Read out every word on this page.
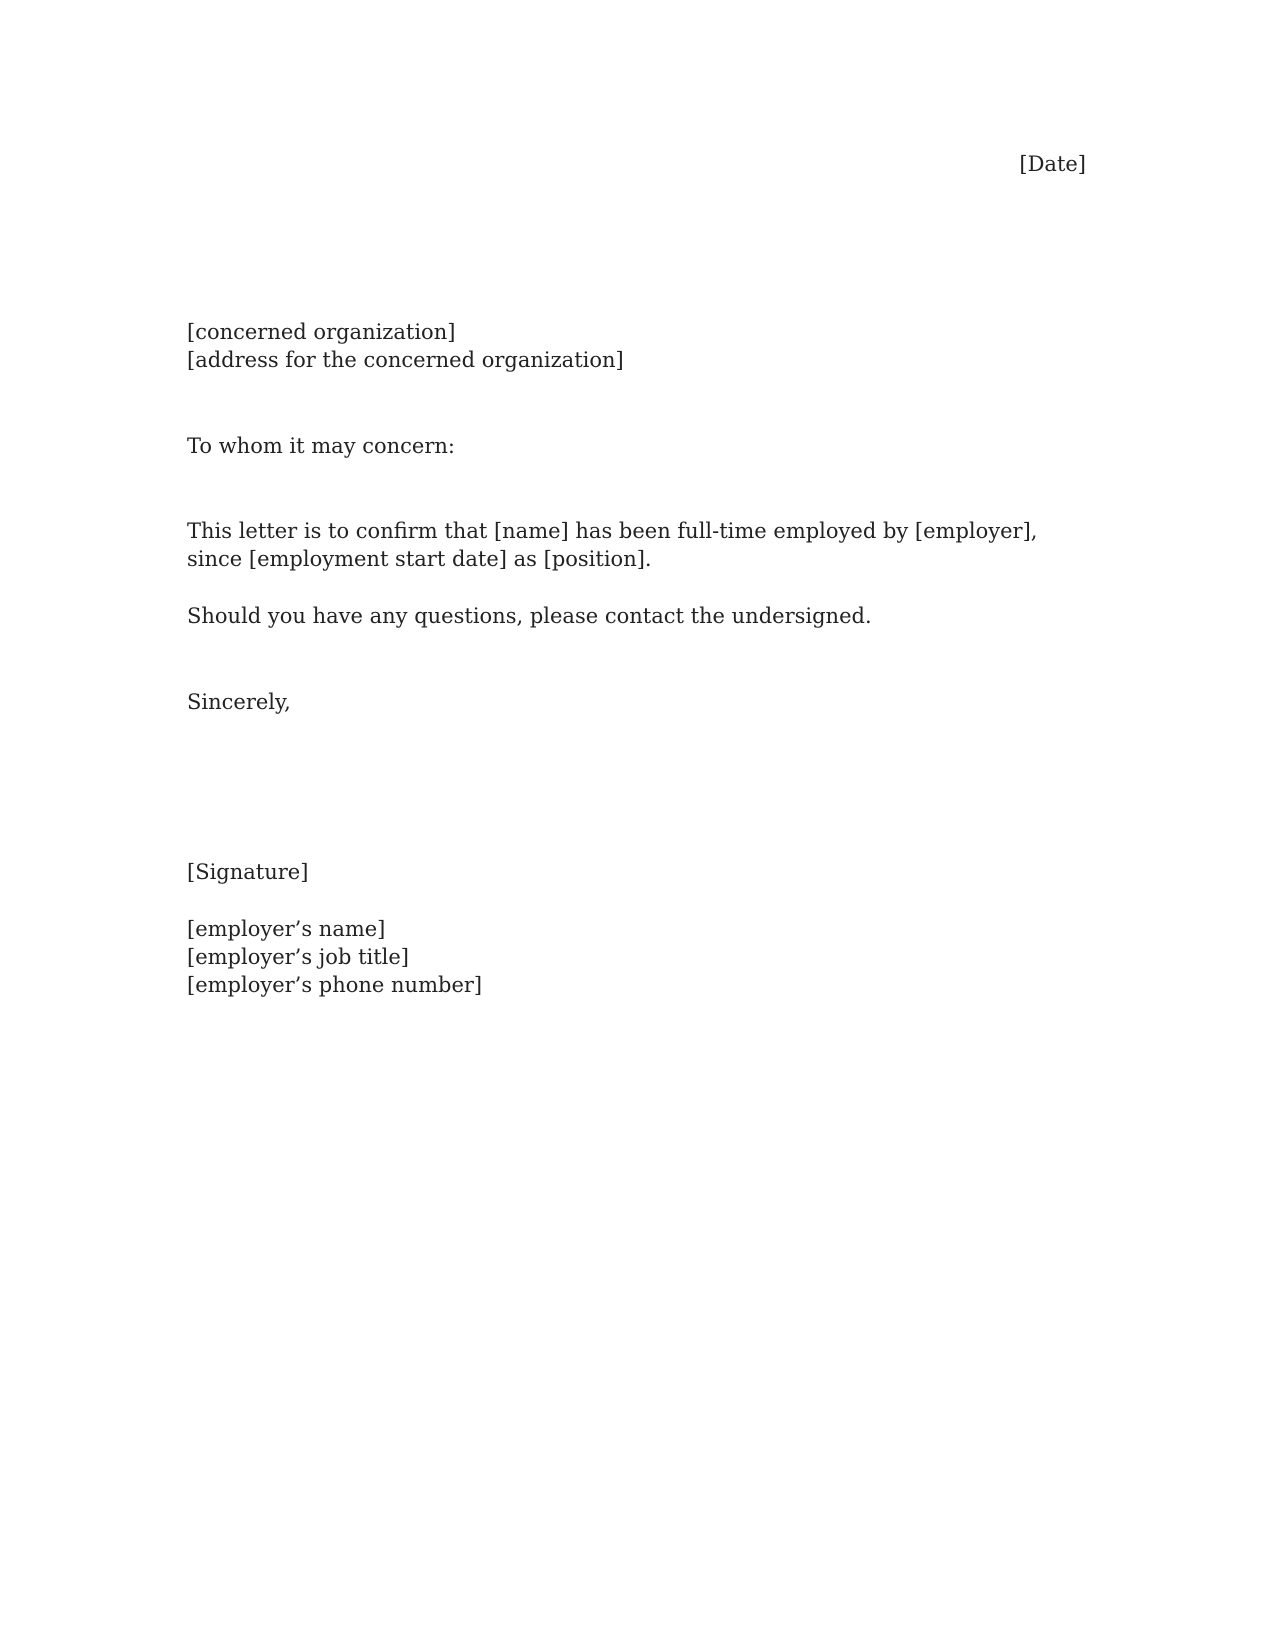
[Date]
[concerned organization]
[address for the concerned organization]
To whom it may concern:
This letter is to confirm that [name] has been full-time employed by [employer],
since [employment start date] as [position].
Should you have any questions, please contact the undersigned.
Sincerely,
[Signature]
[employer’s name]
[employer’s job title]
[employer’s phone number]
